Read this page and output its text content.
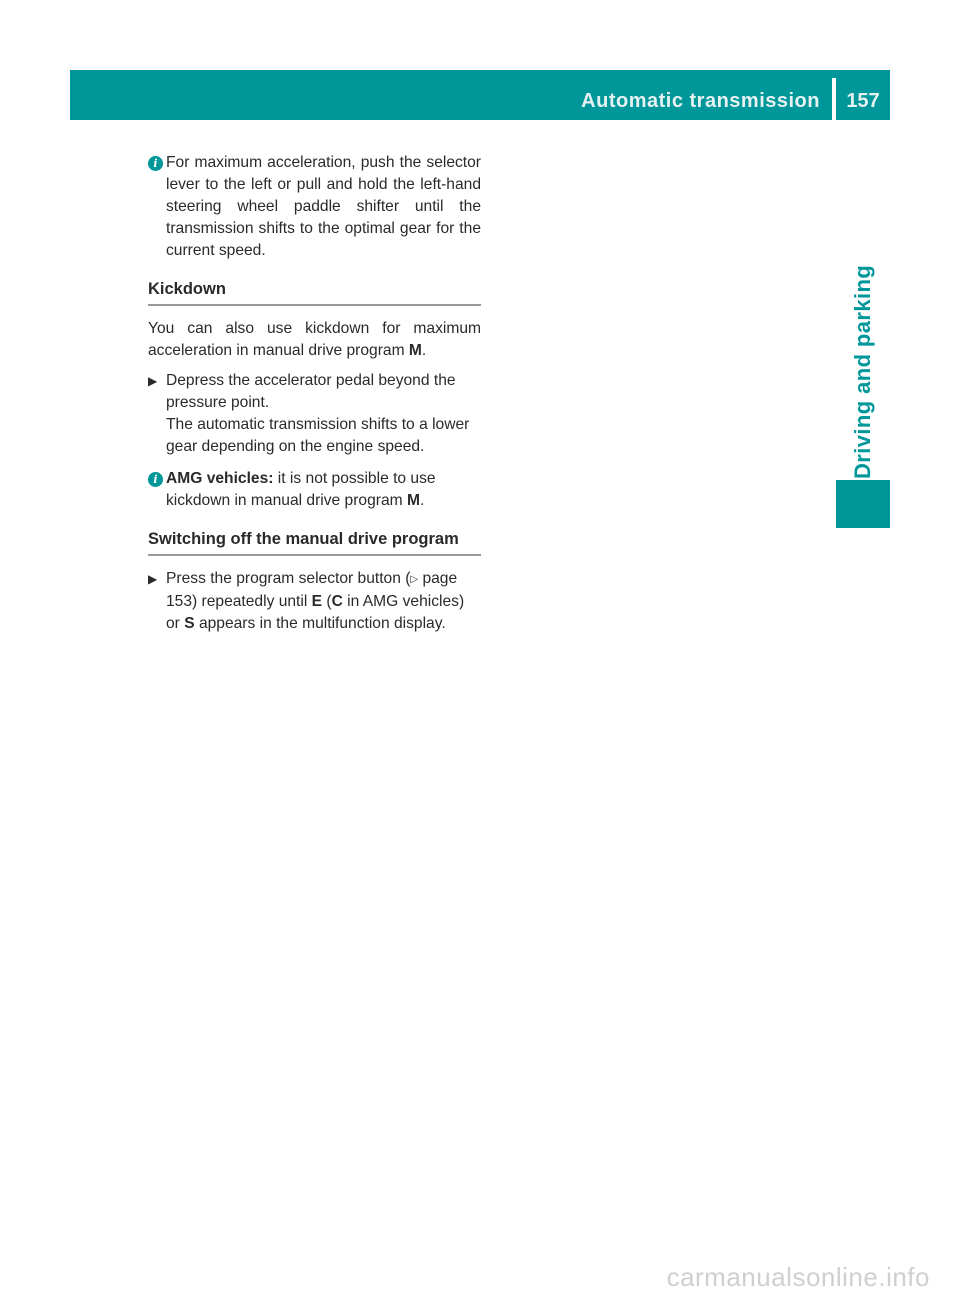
Automatic transmission	157
Driving and parking
i For maximum acceleration, push the selector lever to the left or pull and hold the left-hand steering wheel paddle shifter until the transmission shifts to the optimal gear for the current speed.

Kickdown

You can also use kickdown for maximum acceleration in manual drive program M.

▶ Depress the accelerator pedal beyond the pressure point.

The automatic transmission shifts to a lower gear depending on the engine speed.

i AMG vehicles: it is not possible to use kickdown in manual drive program M.

Switching off the manual drive program
▶ Press the program selector button (▷ page 153) repeatedly until E (C in AMG vehicles) or S appears in the multifunction display.

carmanualsonline.info
